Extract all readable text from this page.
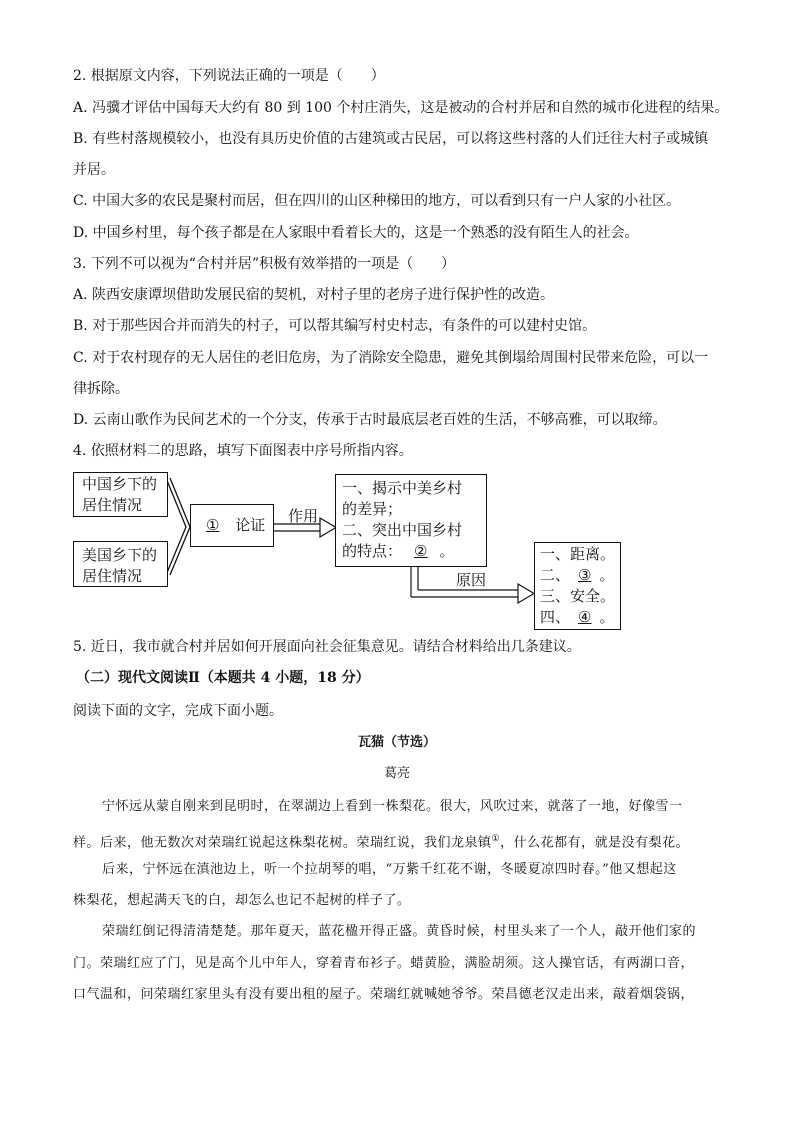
2. 根据原文内容，下列说法正确的一项是（　　）
A. 冯骥才评估中国每天大约有 80 到 100 个村庄消失，这是被动的合村并居和自然的城市化进程的结果。
B. 有些村落规模较小，也没有具历史价值的古建筑或古民居，可以将这些村落的人们迁往大村子或城镇
并居。
C. 中国大多的农民是聚村而居，但在四川的山区种梯田的地方，可以看到只有一户人家的小社区。
D. 中国乡村里，每个孩子都是在人家眼中看着长大的，这是一个熟悉的没有陌生人的社会。
3. 下列不可以视为“合村并居”积极有效举措的一项是（　　）
A. 陕西安康谭坝借助发展民宿的契机，对村子里的老房子进行保护性的改造。
B. 对于那些因合并而消失的村子，可以帮其编写村史村志，有条件的可以建村史馆。
C. 对于农村现存的无人居住的老旧危房，为了消除安全隐患，避免其倒塌给周围村民带来危险，可以一
律拆除。
D. 云南山歌作为民间艺术的一个分支，传承于古时最底层老百姓的生活，不够高雅，可以取缔。
4. 依照材料二的思路，填写下面图表中序号所指内容。
中国乡下的
居住情况
美国乡下的
居住情况
① 论证	作用
一、揭示中美乡村
的差异；
二、突出中国乡村
的特点： ② 。
原因
一、距离。
二、 ③ 。
三、安全。
四、 ④ 。
5. 近日，我市就合村并居如何开展面向社会征集意见。请结合材料给出几条建议。
（二）现代文阅读Ⅱ（本题共 4 小题，18 分）
阅读下面的文字，完成下面小题。
瓦猫（节选）
葛亮
宁怀远从蒙自刚来到昆明时，在翠湖边上看到一株梨花。很大，风吹过来，就落了一地，好像雪一
样。后来，他无数次对荣瑞红说起这株梨花树。荣瑞红说，我们龙泉镇①，什么花都有，就是没有梨花。
后来，宁怀远在滇池边上，听一个拉胡琴的唱，“万紫千红花不谢，冬暖夏凉四时春。”他又想起这
株梨花，想起满天飞的白，却怎么也记不起树的样子了。
荣瑞红倒记得清清楚楚。那年夏天，蓝花楹开得正盛。黄昏时候，村里头来了一个人，敲开他们家的
门。荣瑞红应了门，见是高个儿中年人，穿着青布衫子。蜡黄脸，满脸胡须。这人操官话，有两湖口音，
口气温和，问荣瑞红家里头有没有要出租的屋子。荣瑞红就喊她爷爷。荣昌德老汉走出来，敲着烟袋锅，
